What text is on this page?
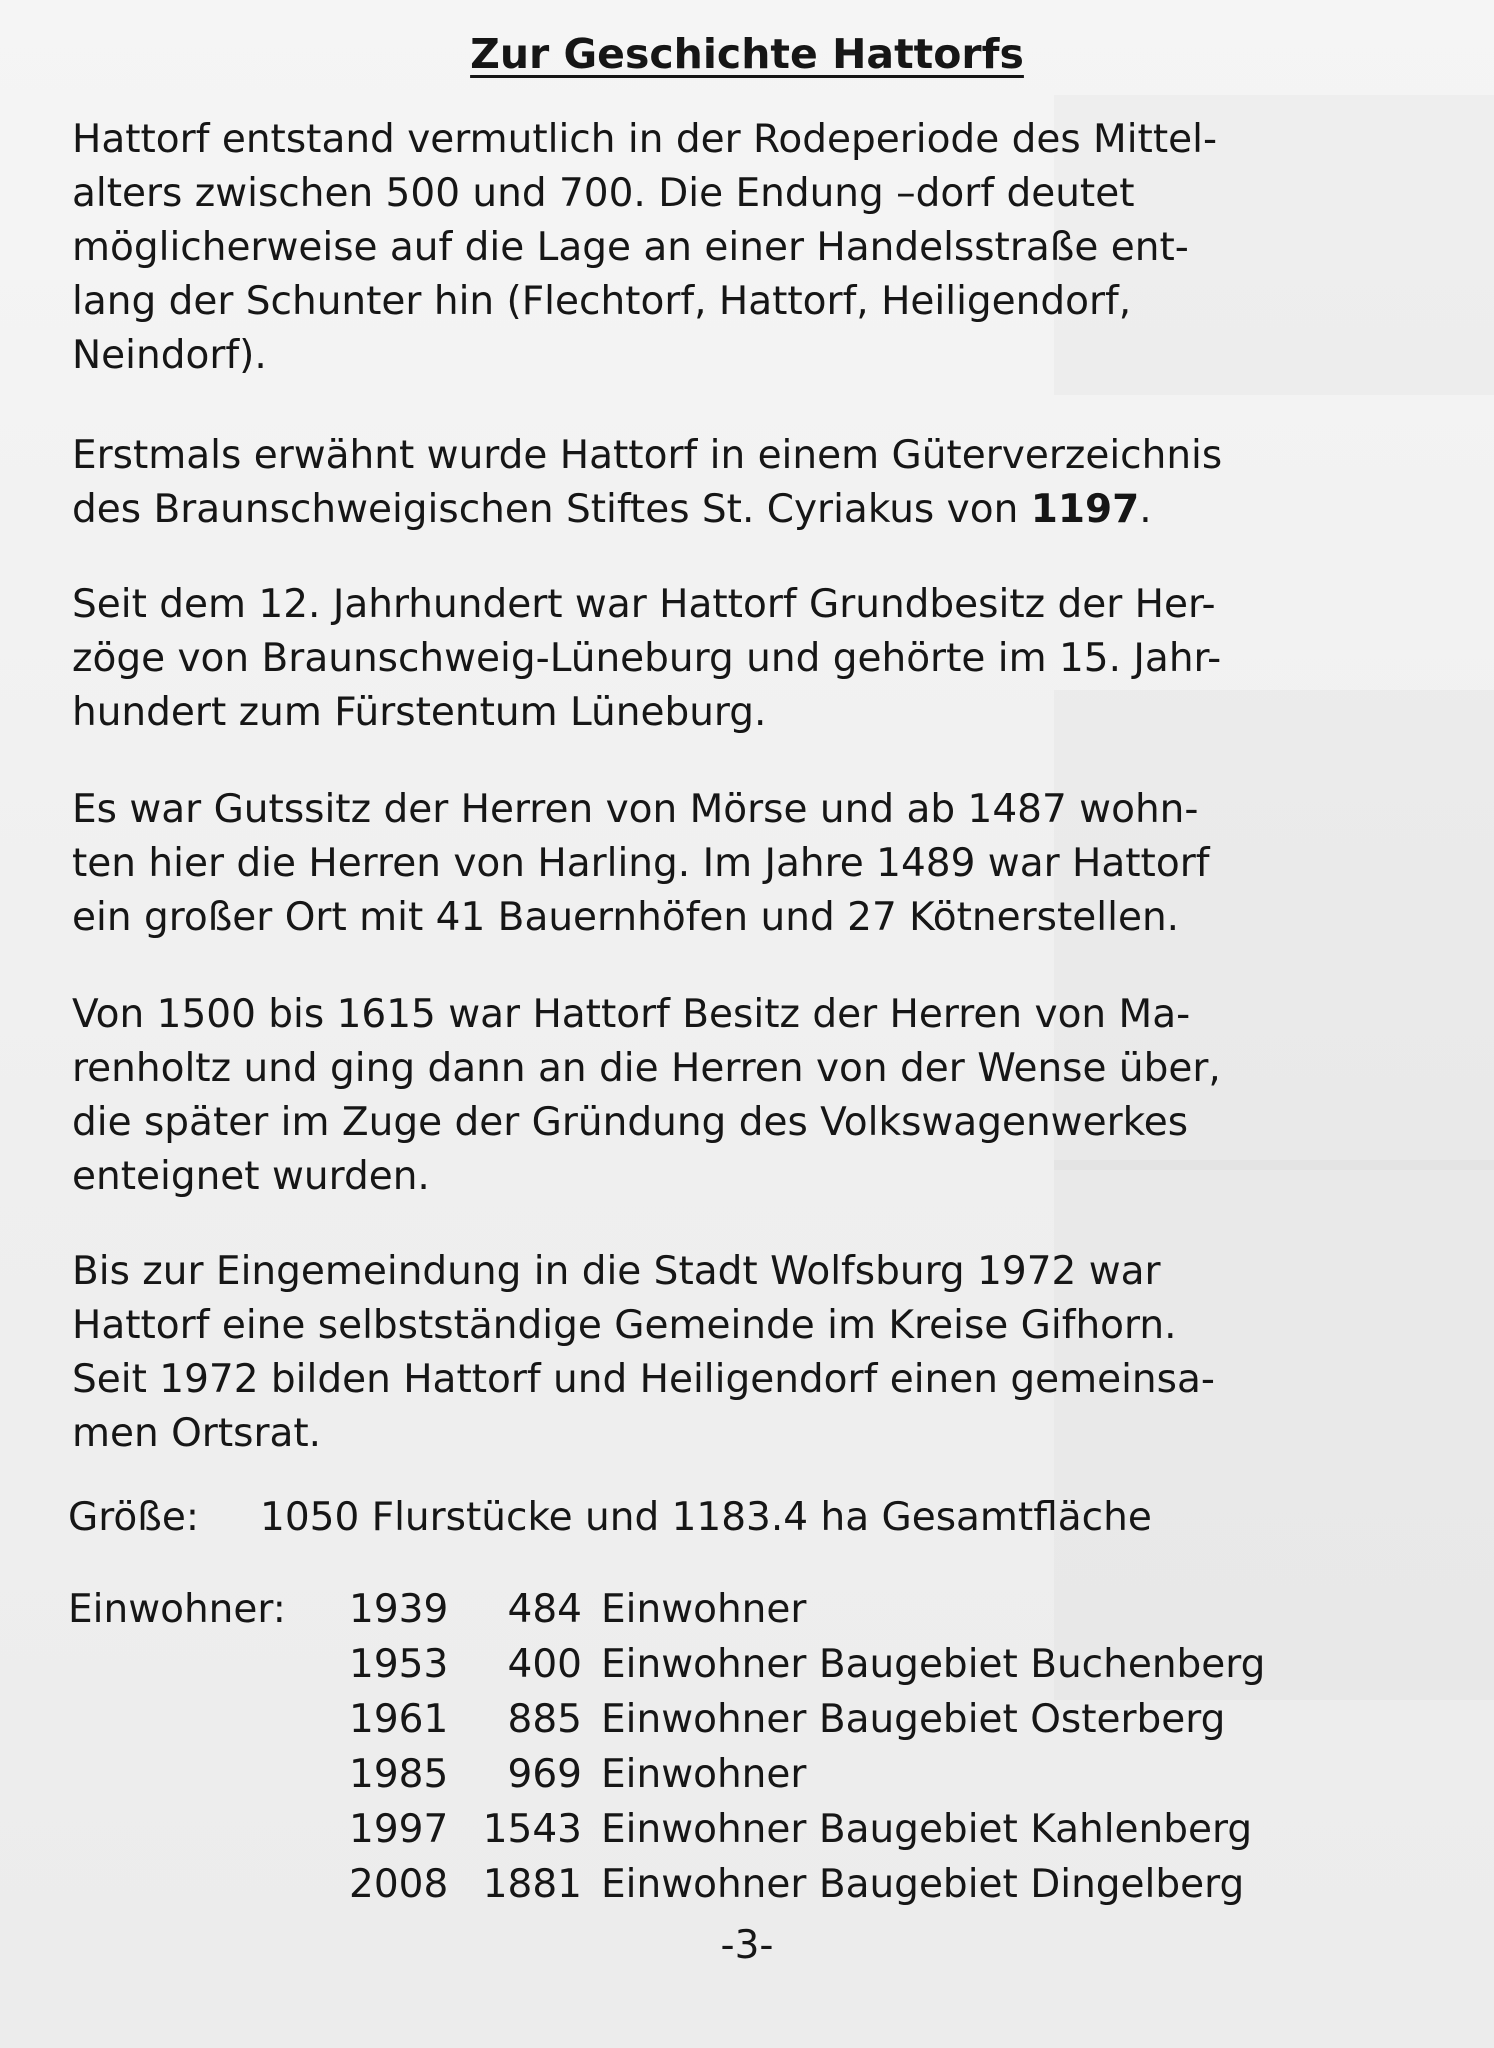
Zur Geschichte Hattorfs

Hattorf entstand vermutlich in der Rodeperiode des Mittel-
alters zwischen 500 und 700. Die Endung –dorf deutet
möglicherweise auf die Lage an einer Handelsstraße ent-
lang der Schunter hin (Flechtorf, Hattorf, Heiligendorf,
Neindorf).

Erstmals erwähnt wurde Hattorf in einem Güterverzeichnis
des Braunschweigischen Stiftes St. Cyriakus von 1197.

Seit dem 12. Jahrhundert war Hattorf Grundbesitz der Her-
zöge von Braunschweig-Lüneburg und gehörte im 15. Jahr-
hundert zum Fürstentum Lüneburg.

Es war Gutssitz der Herren von Mörse und ab 1487 wohn-
ten hier die Herren von Harling. Im Jahre 1489 war Hattorf
ein großer Ort mit 41 Bauernhöfen und 27 Kötnerstellen.

Von 1500 bis 1615 war Hattorf Besitz der Herren von Ma-
renholtz und ging dann an die Herren von der Wense über,
die später im Zuge der Gründung des Volkswagenwerkes
enteignet wurden.

Bis zur Eingemeindung in die Stadt Wolfsburg 1972 war
Hattorf eine selbstständige Gemeinde im Kreise Gifhorn.
Seit 1972 bilden Hattorf und Heiligendorf einen gemeinsa-
men Ortsrat.

Größe: 1050 Flurstücke und 1183.4 ha Gesamtfläche
Einwohner: 1939	484 Einwohner
1953	400 Einwohner Baugebiet Buchenberg
1961	885 Einwohner Baugebiet Osterberg
1985	969 Einwohner
1997 1543 Einwohner Baugebiet Kahlenberg
2008 1881 Einwohner Baugebiet Dingelberg
-3-
